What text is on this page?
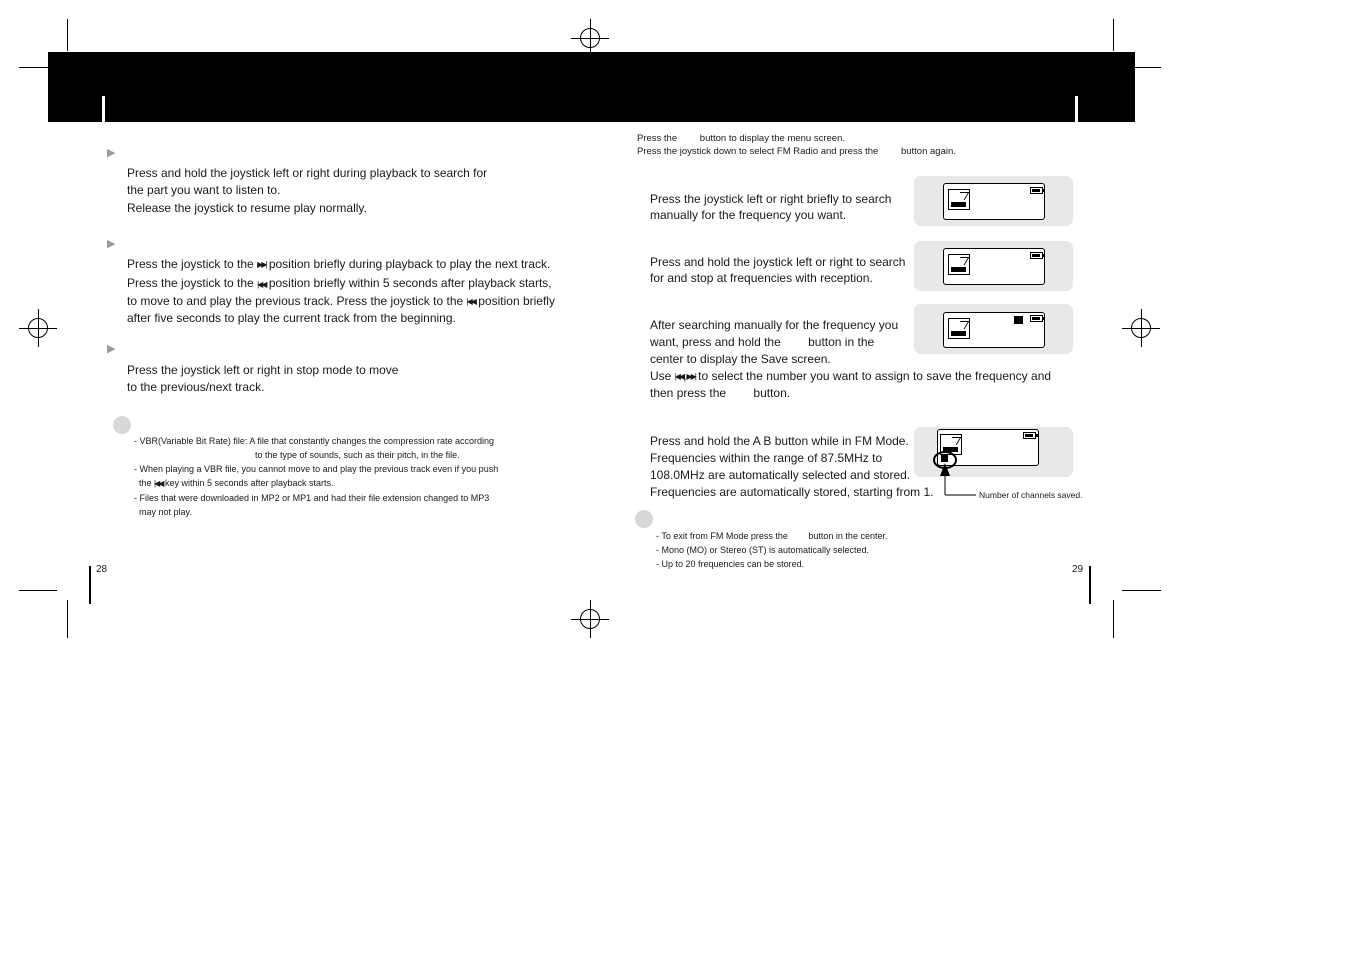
▶
Press and hold the joystick left or right during playback to search for
the part you want to listen to.
Release the joystick to resume play normally.
▶
Press the joystick to the ▶▶| position briefly during playback to play the next track.
Press the joystick to the |◀◀ position briefly within 5 seconds after playback starts,
to move to and play the previous track. Press the joystick to the |◀◀ position briefly
after five seconds to play the current track from the beginning.
▶
Press the joystick left or right in stop mode to move
to the previous/next track.
- VBR(Variable Bit Rate) file: A file that constantly changes the compression rate according
to the type of sounds, such as their pitch, in the file.
- When playing a VBR file, you cannot move to and play the previous track even if you push
the |◀◀ key within 5 seconds after playback starts.
- Files that were downloaded in MP2 or MP1 and had their file extension changed to MP3
may not play.
28
Press the button to display the menu screen.
Press the joystick down to select FM Radio and press the button again.
Press the joystick left or right briefly to search
manually for the frequency you want.
Press and hold the joystick left or right to search
for and stop at frequencies with reception.
After searching manually for the frequency you
want, press and hold the button in the
center to display the Save screen.
Use |◀◀,▶▶| to select the number you want to assign to save the frequency and
then press the button.
Press and hold the A B button while in FM Mode.
Frequencies within the range of 87.5MHz to
108.0MHz are automatically selected and stored.
Frequencies are automatically stored, starting from 1.	Number of channels saved.
- To exit from FM Mode press the button in the center.
- Mono (MO) or Stereo (ST) is automatically selected.
- Up to 20 frequencies can be stored.	29
